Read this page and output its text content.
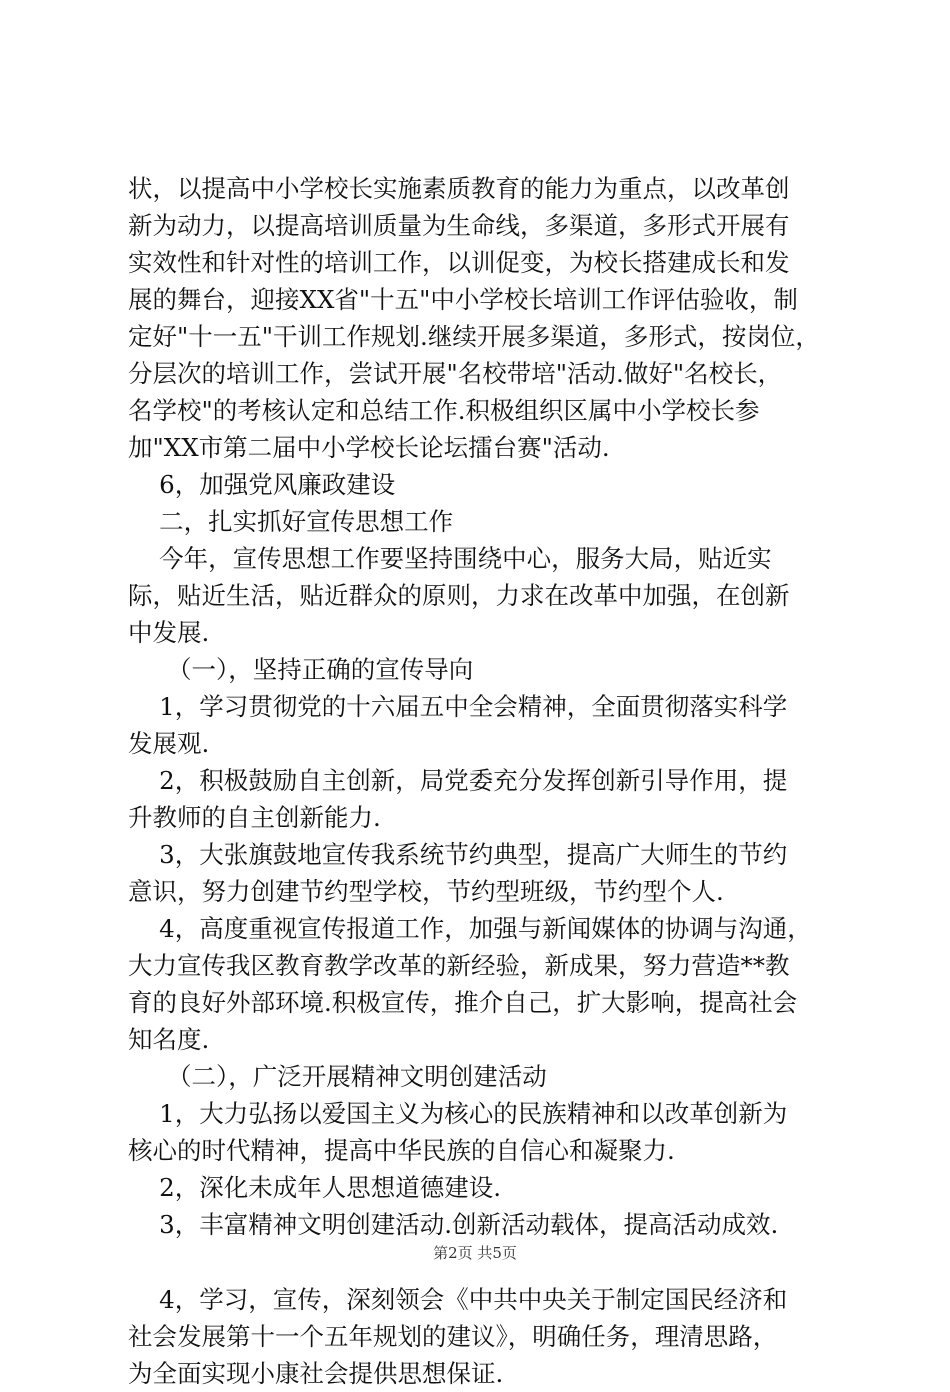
状，以提高中小学校长实施素质教育的能力为重点，以改革创
新为动力，以提高培训质量为生命线，多渠道，多形式开展有
实效性和针对性的培训工作，以训促变，为校长搭建成长和发
展的舞台，迎接XX省"十五"中小学校长培训工作评估验收，制
定好"十一五"干训工作规划.继续开展多渠道，多形式，按岗位，
分层次的培训工作，尝试开展"名校带培"活动.做好"名校长，
名学校"的考核认定和总结工作.积极组织区属中小学校长参
加"XX市第二届中小学校长论坛擂台赛"活动.
6，加强党风廉政建设
二，扎实抓好宣传思想工作
今年，宣传思想工作要坚持围绕中心，服务大局，贴近实
际，贴近生活，贴近群众的原则，力求在改革中加强，在创新
中发展.
（一），坚持正确的宣传导向
1，学习贯彻党的十六届五中全会精神，全面贯彻落实科学
发展观.
2，积极鼓励自主创新，局党委充分发挥创新引导作用，提
升教师的自主创新能力.
3，大张旗鼓地宣传我系统节约典型，提高广大师生的节约
意识，努力创建节约型学校，节约型班级，节约型个人.
4，高度重视宣传报道工作，加强与新闻媒体的协调与沟通，
大力宣传我区教育教学改革的新经验，新成果，努力营造**教
育的良好外部环境.积极宣传，推介自己，扩大影响，提高社会
知名度.
（二），广泛开展精神文明创建活动
1，大力弘扬以爱国主义为核心的民族精神和以改革创新为
核心的时代精神，提高中华民族的自信心和凝聚力.
2，深化未成年人思想道德建设.
3，丰富精神文明创建活动.创新活动载体，提高活动成效.
4，学习，宣传，深刻领会《中共中央关于制定国民经济和
社会发展第十一个五年规划的建议》，明确任务，理清思路，
为全面实现小康社会提供思想保证.
第2页 共5页
